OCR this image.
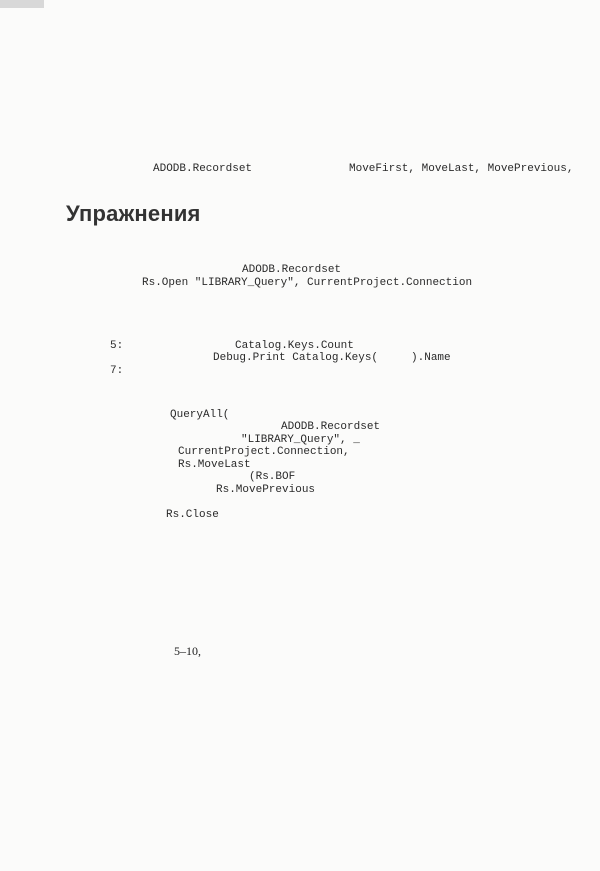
ADODB.Recordset	MoveFirst, MoveLast, MovePrevious,
Упражнения
ADODB.Recordset
Rs.Open "LIBRARY_Query", CurrentProject.Connection
5:	Catalog.Keys.Count
Debug.Print Catalog.Keys(     ).Name
7:
QueryAll(
ADODB.Recordset
"LIBRARY_Query", _
CurrentProject.Connection,
Rs.MoveLast
(Rs.BOF
Rs.MovePrevious
Rs.Close
5–10,
